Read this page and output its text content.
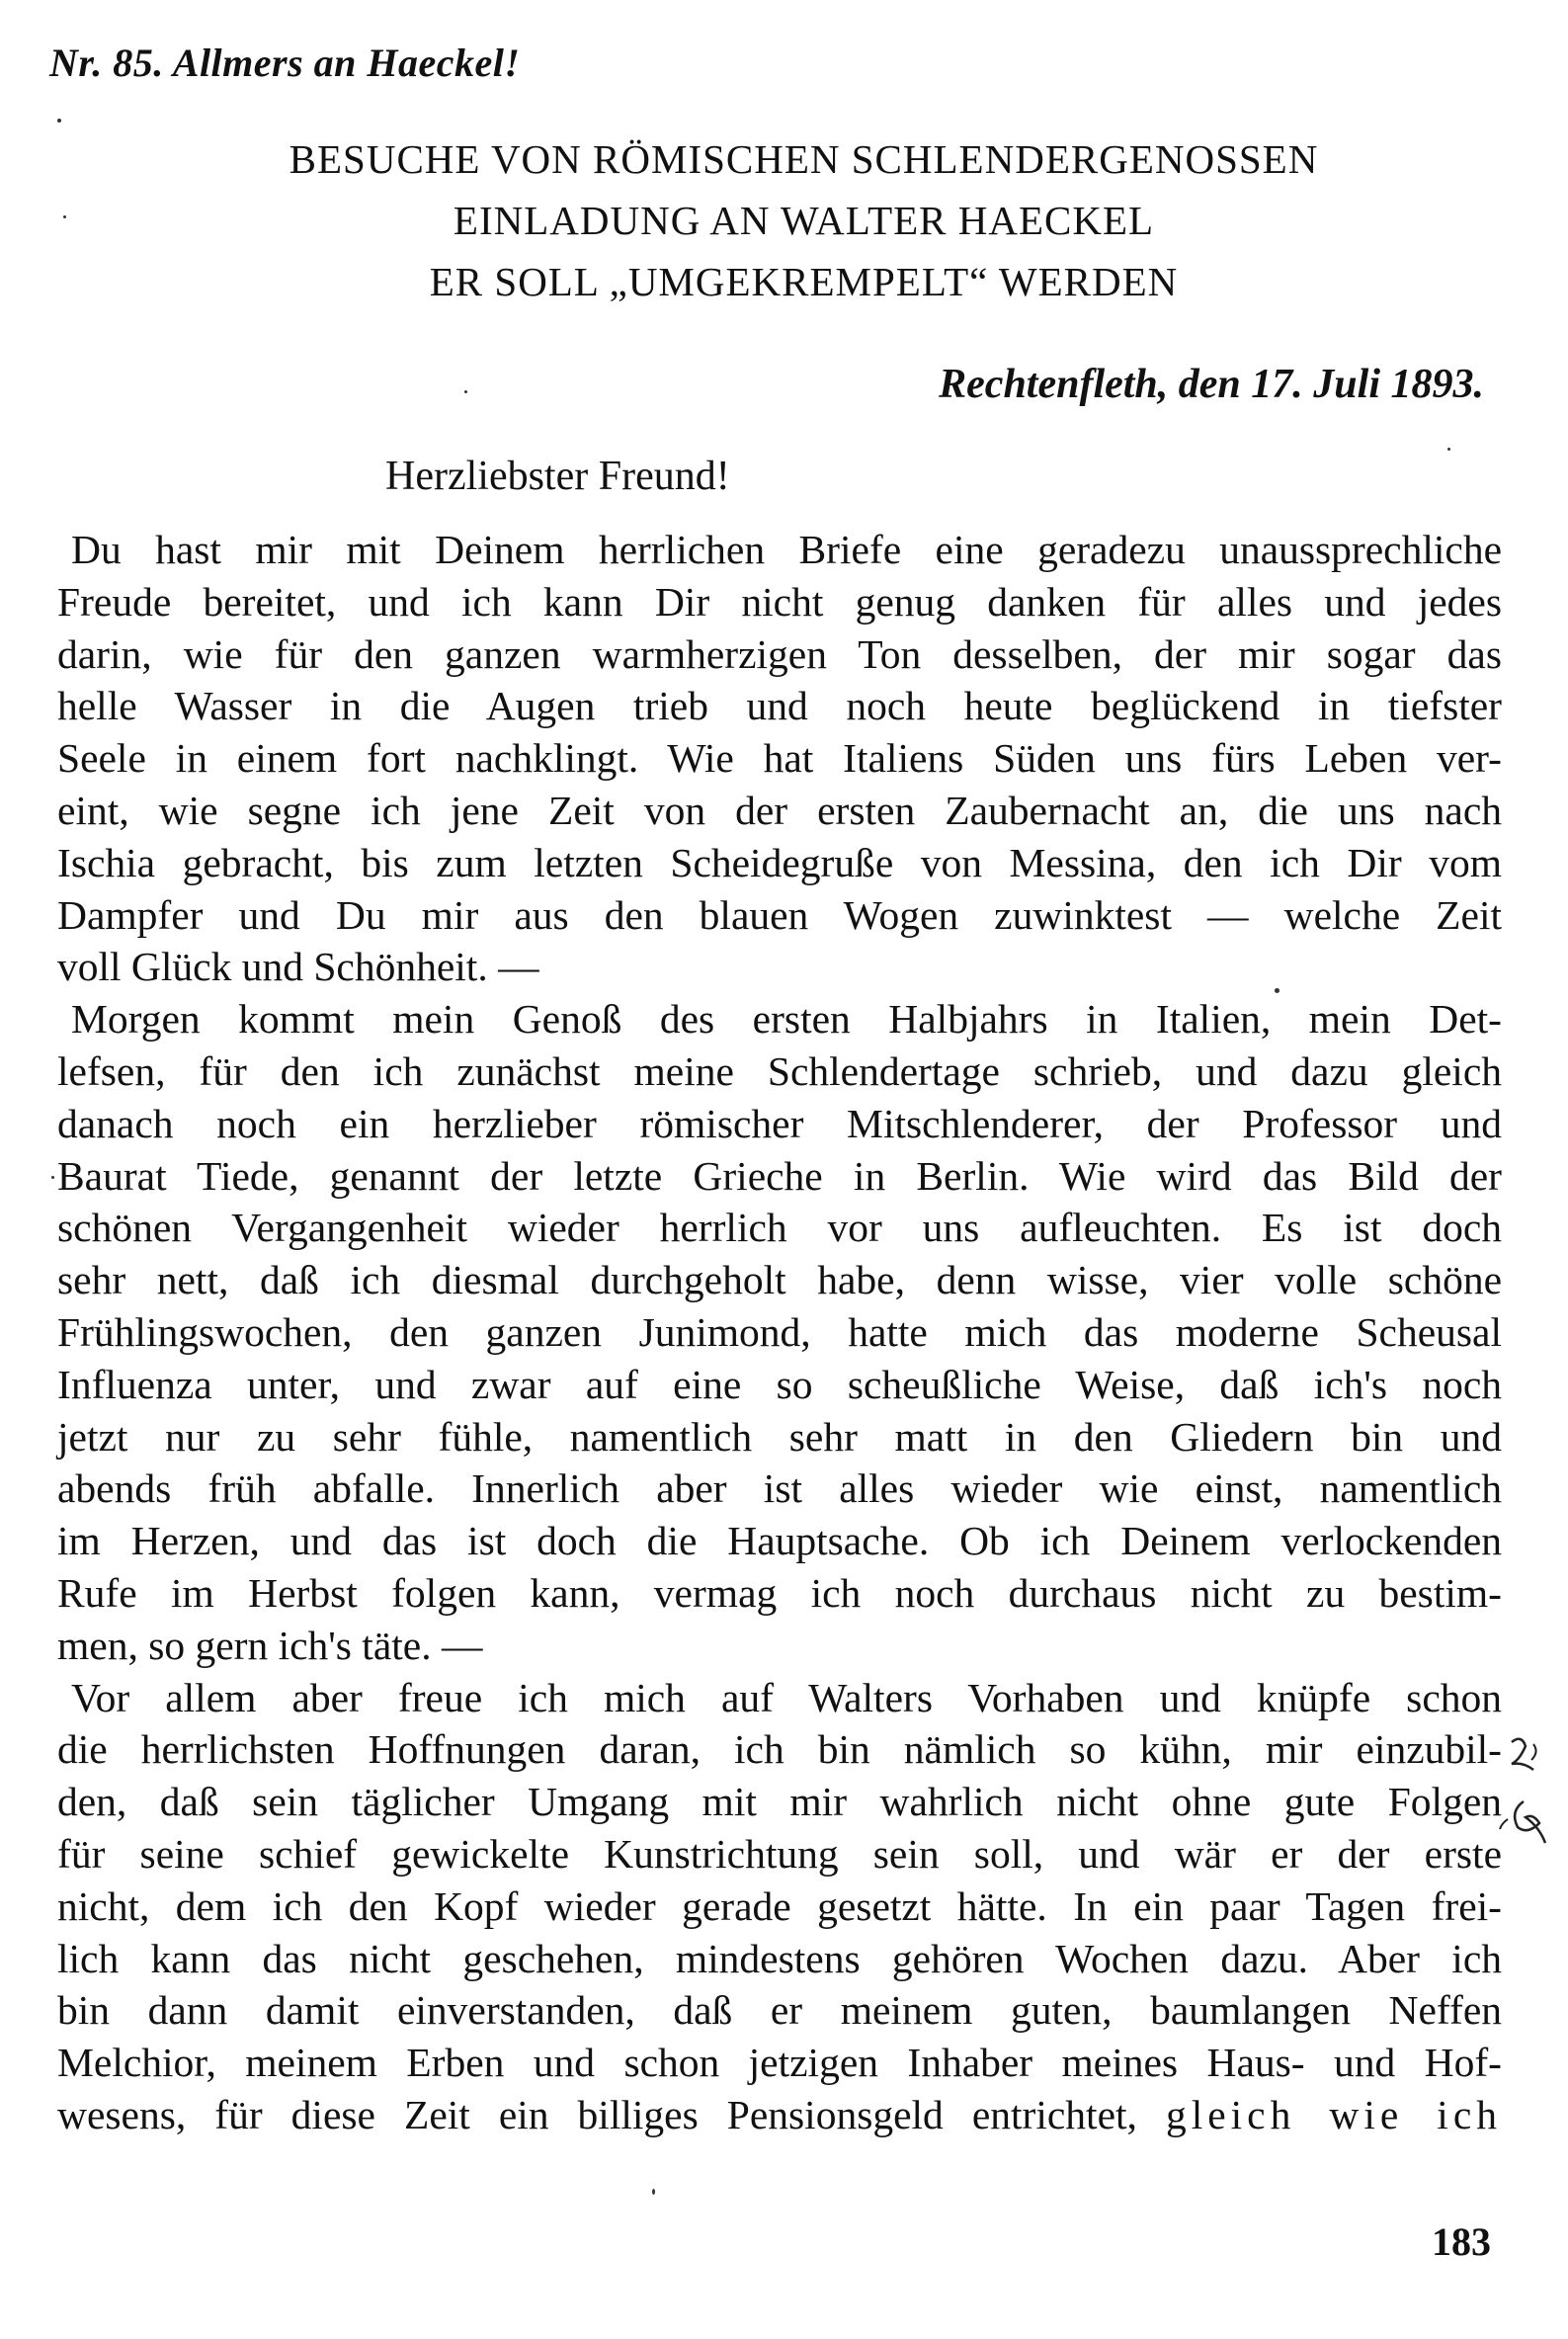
Nr. 85. Allmers an Haeckel!
BESUCHE VON RÖMISCHEN SCHLENDERGENOSSEN
EINLADUNG AN WALTER HAECKEL
ER SOLL „UMGEKREMPELT“ WERDEN
Rechtenfleth, den 17. Juli 1893.
Herzliebster Freund!
Du hast mir mit Deinem herrlichen Briefe eine geradezu unaussprechliche
Freude bereitet, und ich kann Dir nicht genug danken für alles und jedes
darin, wie für den ganzen warmherzigen Ton desselben, der mir sogar das
helle Wasser in die Augen trieb und noch heute beglückend in tiefster
Seele in einem fort nachklingt. Wie hat Italiens Süden uns fürs Leben ver-
eint, wie segne ich jene Zeit von der ersten Zaubernacht an, die uns nach
Ischia gebracht, bis zum letzten Scheidegruße von Messina, den ich Dir vom
Dampfer und Du mir aus den blauen Wogen zuwinktest — welche Zeit
voll Glück und Schönheit. —
Morgen kommt mein Genoß des ersten Halbjahrs in Italien, mein Det-
lefsen, für den ich zunächst meine Schlendertage schrieb, und dazu gleich
danach noch ein herzlieber römischer Mitschlenderer, der Professor und
Baurat Tiede, genannt der letzte Grieche in Berlin. Wie wird das Bild der
schönen Vergangenheit wieder herrlich vor uns aufleuchten. Es ist doch
sehr nett, daß ich diesmal durchgeholt habe, denn wisse, vier volle schöne
Frühlingswochen, den ganzen Junimond, hatte mich das moderne Scheusal
Influenza unter, und zwar auf eine so scheußliche Weise, daß ich's noch
jetzt nur zu sehr fühle, namentlich sehr matt in den Gliedern bin und
abends früh abfalle. Innerlich aber ist alles wieder wie einst, namentlich
im Herzen, und das ist doch die Hauptsache. Ob ich Deinem verlockenden
Rufe im Herbst folgen kann, vermag ich noch durchaus nicht zu bestim-
men, so gern ich's täte. —
Vor allem aber freue ich mich auf Walters Vorhaben und knüpfe schon
die herrlichsten Hoffnungen daran, ich bin nämlich so kühn, mir einzubil-
den, daß sein täglicher Umgang mit mir wahrlich nicht ohne gute Folgen
für seine schief gewickelte Kunstrichtung sein soll, und wär er der erste
nicht, dem ich den Kopf wieder gerade gesetzt hätte. In ein paar Tagen frei-
lich kann das nicht geschehen, mindestens gehören Wochen dazu. Aber ich
bin dann damit einverstanden, daß er meinem guten, baumlangen Neffen
Melchior, meinem Erben und schon jetzigen Inhaber meines Haus- und Hof-
wesens, für diese Zeit ein billiges Pensionsgeld entrichtet, gleich wie ich
183
